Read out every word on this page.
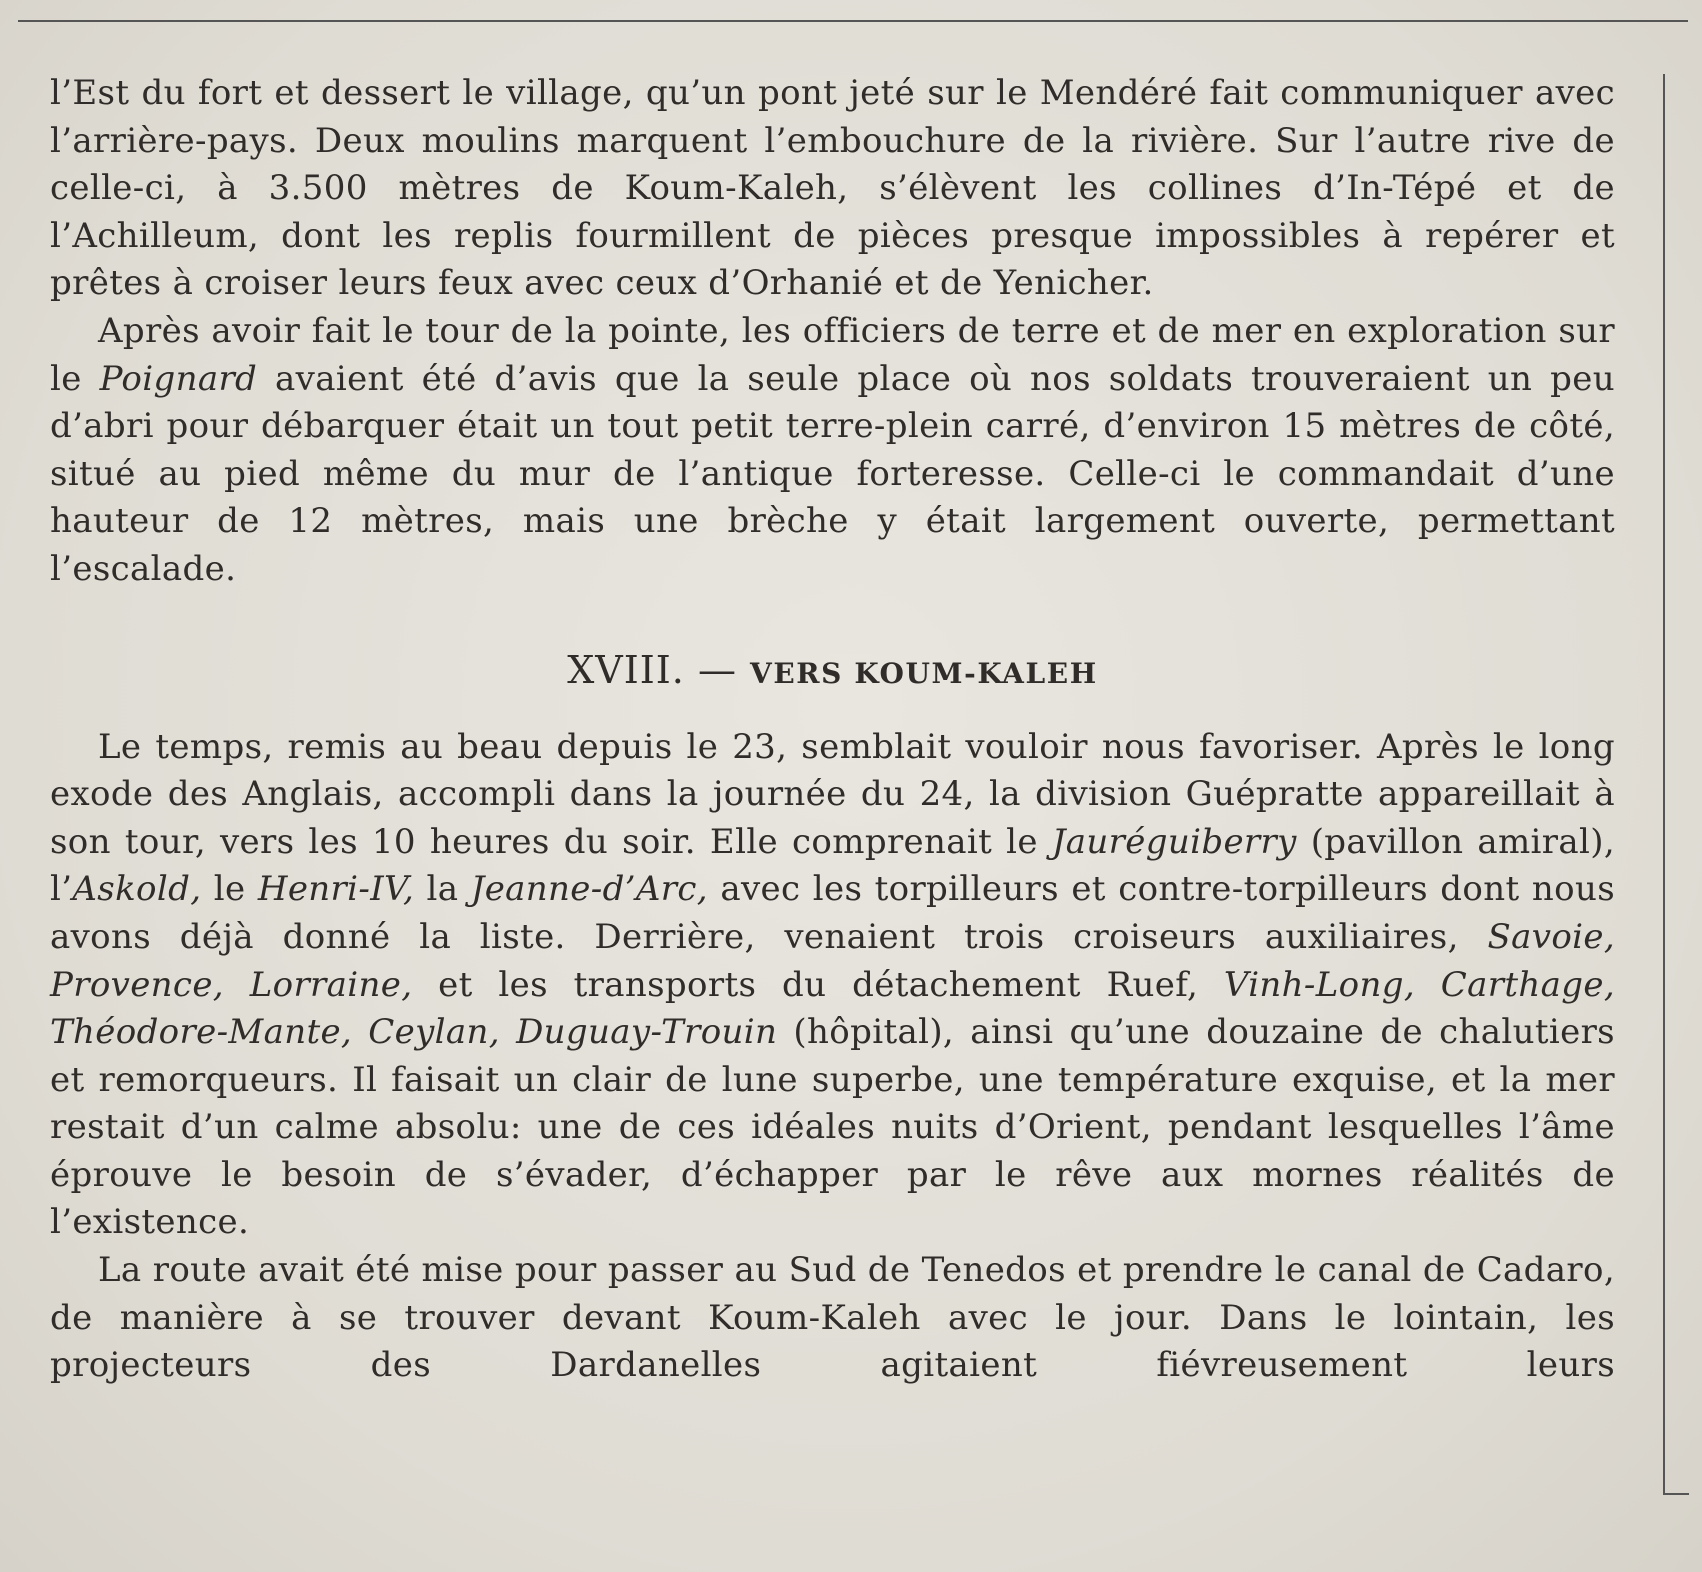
l’Est du fort et dessert le village, qu’un pont jeté sur le Mendéré fait communiquer avec l’arrière-pays. Deux moulins marquent l’embouchure de la rivière. Sur l’autre rive de celle-ci, à 3.500 mètres de Koum-Kaleh, s’élèvent les collines d’In-Tépé et de l’Achilleum, dont les replis fourmillent de pièces presque impossibles à repérer et prêtes à croiser leurs feux avec ceux d’Orhanié et de Yenicher.

Après avoir fait le tour de la pointe, les officiers de terre et de mer en exploration sur le Poignard avaient été d’avis que la seule place où nos soldats trouveraient un peu d’abri pour débarquer était un tout petit terre-plein carré, d’environ 15 mètres de côté, situé au pied même du mur de l’antique forteresse. Celle-ci le commandait d’une hauteur de 12 mètres, mais une brèche y était largement ouverte, permettant l’escalade.

XVIII. — VERS KOUM-KALEH

Le temps, remis au beau depuis le 23, semblait vouloir nous favoriser. Après le long exode des Anglais, accompli dans la journée du 24, la division Guépratte appareillait à son tour, vers les 10 heures du soir. Elle comprenait le Jauréguiberry (pavillon amiral), l’Askold, le Henri-IV, la Jeanne-d’Arc, avec les torpilleurs et contre-torpilleurs dont nous avons déjà donné la liste. Derrière, venaient trois croiseurs auxiliaires, Savoie, Provence, Lorraine, et les transports du détachement Ruef, Vinh-Long, Carthage, Théodore-Mante, Ceylan, Duguay-Trouin (hôpital), ainsi qu’une douzaine de chalutiers et remorqueurs. Il faisait un clair de lune superbe, une température exquise, et la mer restait d’un calme absolu: une de ces idéales nuits d’Orient, pendant lesquelles l’âme éprouve le besoin de s’évader, d’échapper par le rêve aux mornes réalités de l’existence.

La route avait été mise pour passer au Sud de Tenedos et prendre le canal de Cadaro, de manière à se trouver devant Koum-Kaleh avec le jour. Dans le lointain, les projecteurs des Dardanelles agitaient fiévreusement leurs
